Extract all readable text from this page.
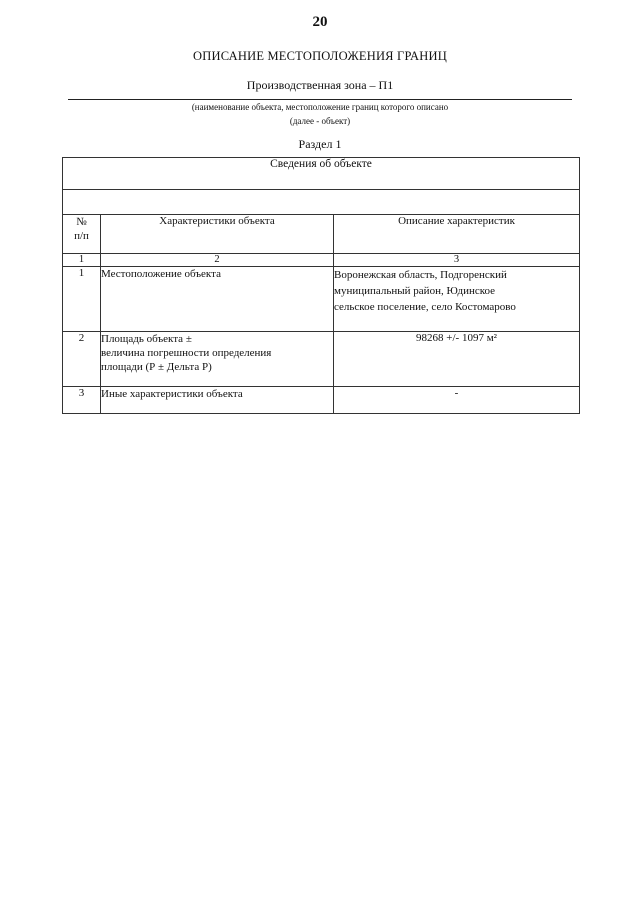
20
ОПИСАНИЕ МЕСТОПОЛОЖЕНИЯ ГРАНИЦ
Производственная зона – П1
(наименование объекта, местоположение границ которого описано
(далее - объект)
Раздел 1
Сведения об объекте		

№
п/п	Характеристики объекта	Описание характеристик
1	2	3
1	Местоположение объекта	Воронежская область, Подгоренский
муниципальный район, Юдинское
сельское поселение, село Костомарово

2	Площадь объекта ±
величина погрешности определения
площади (Р ± Дельта Р)	98268 +/- 1097 м²
3	Иные характеристики объекта	-
